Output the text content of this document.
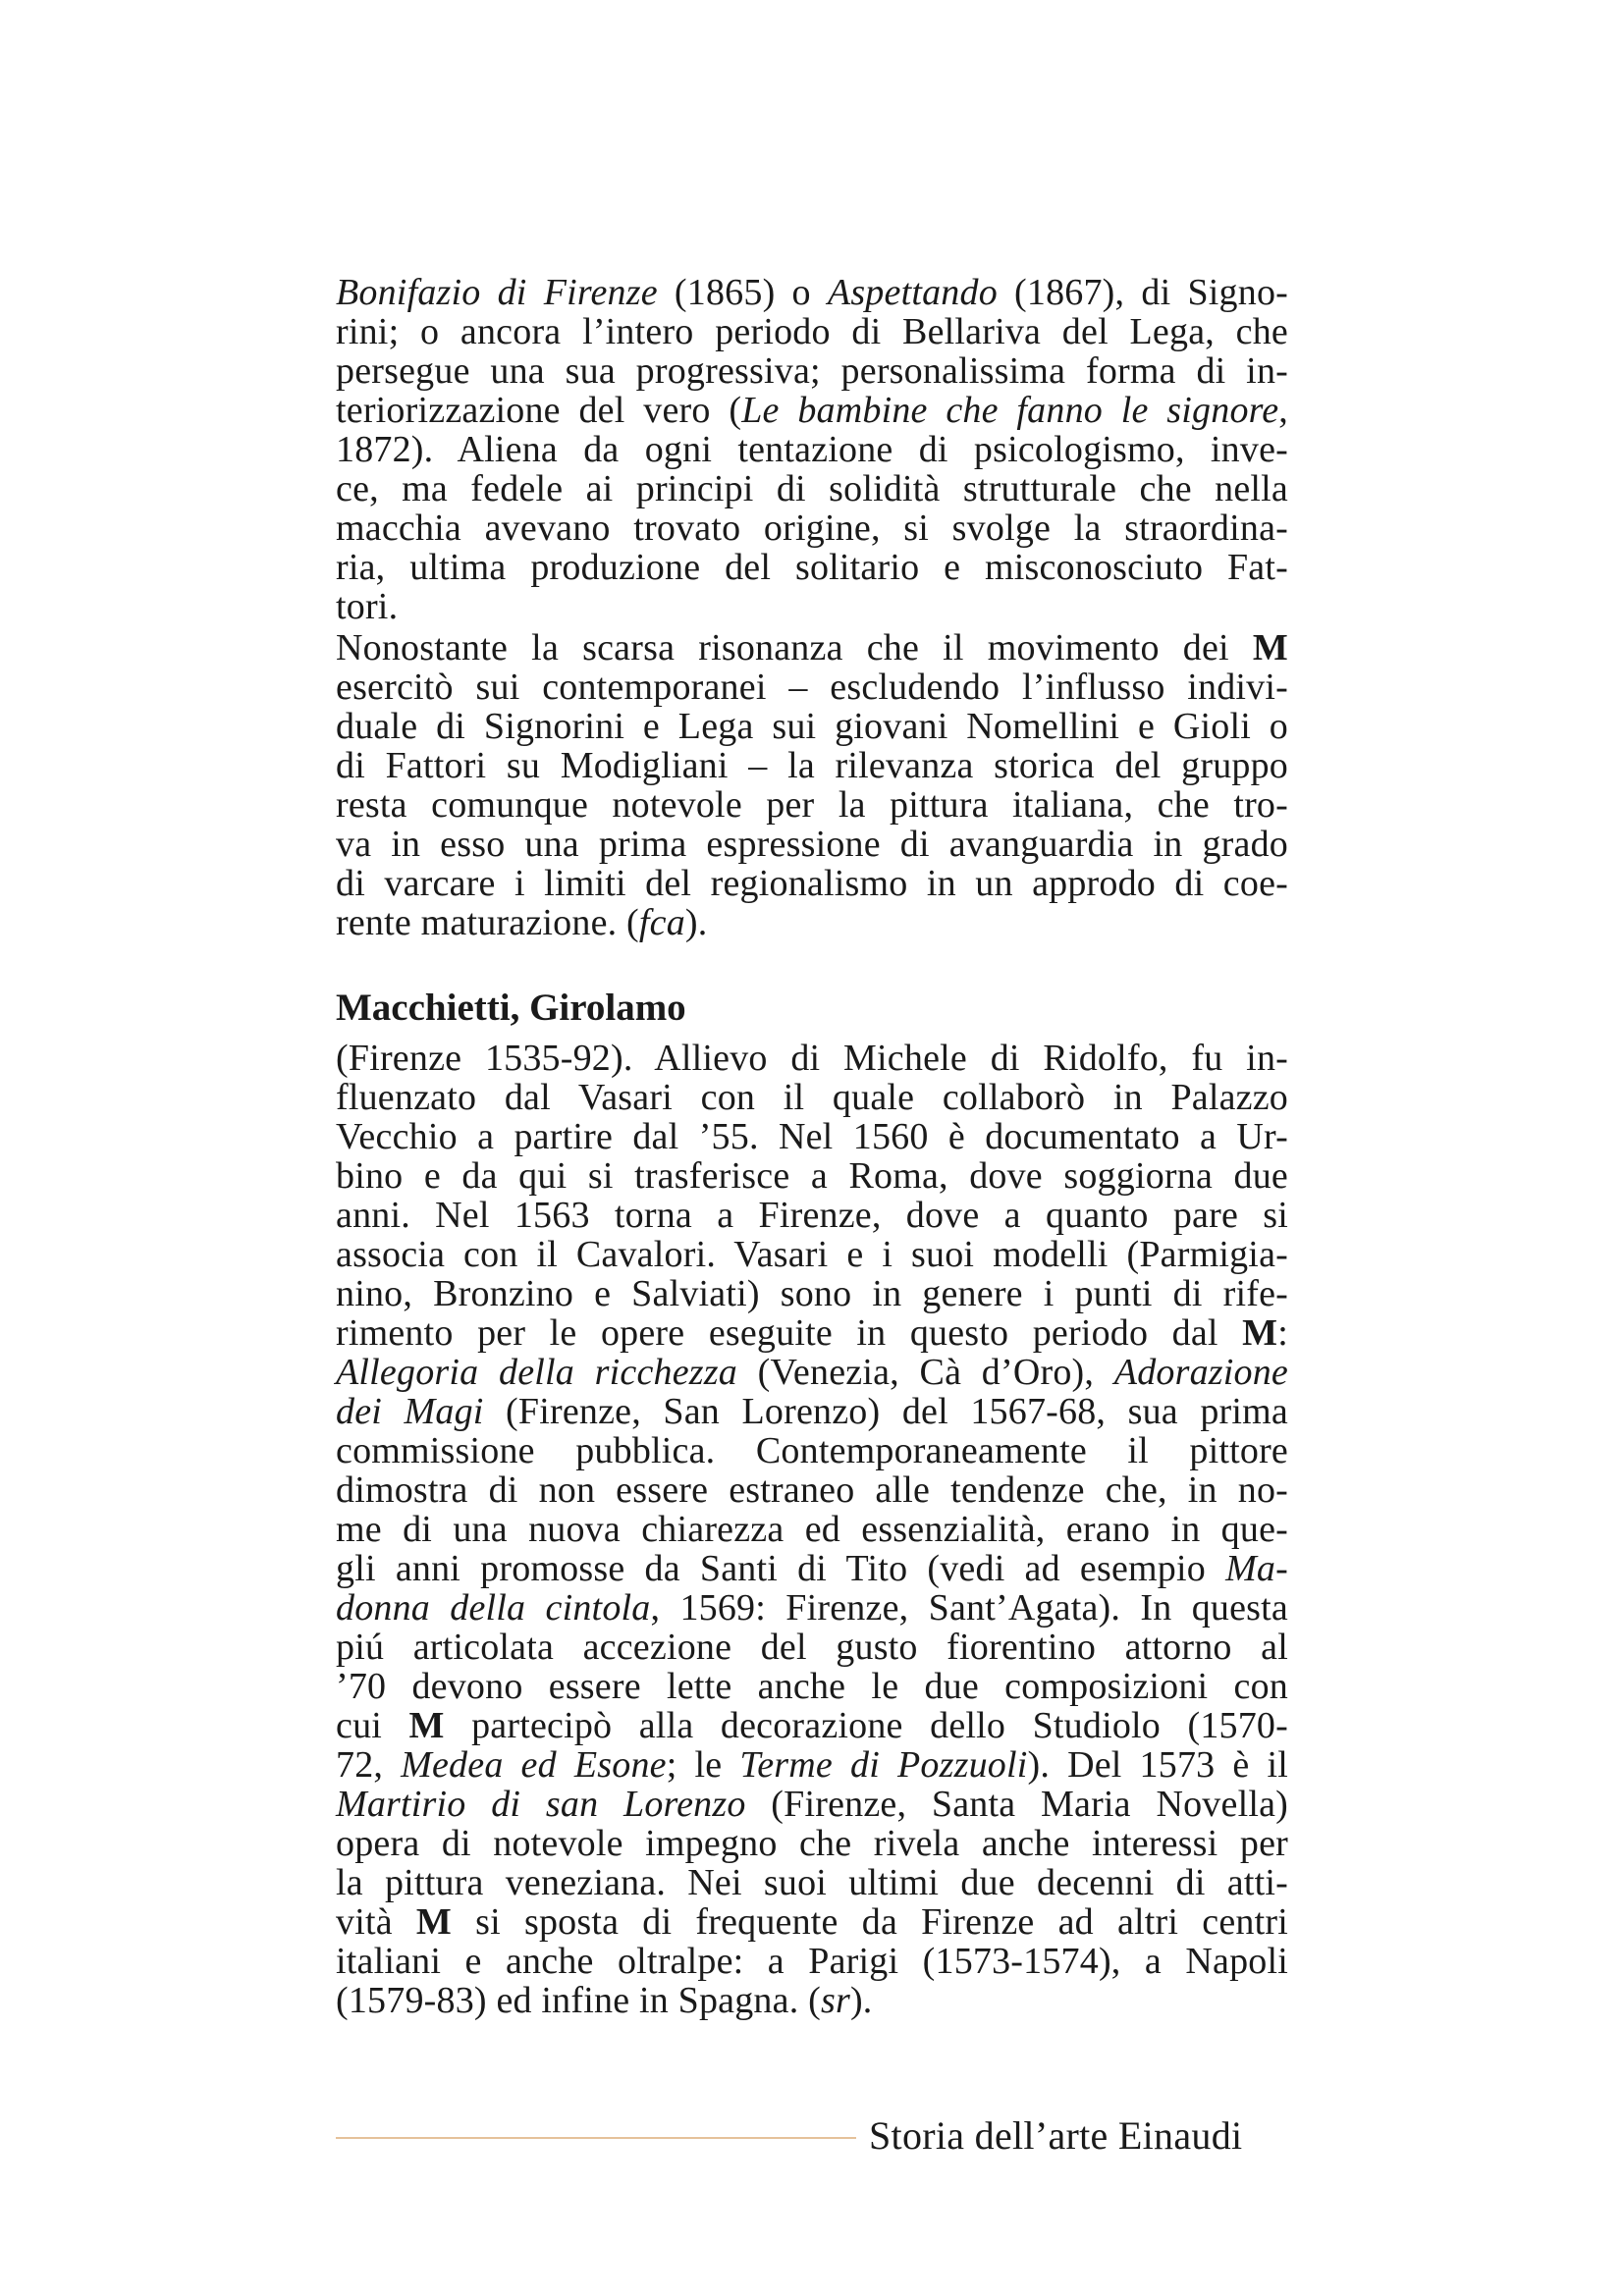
Bonifazio di Firenze (1865) o Aspettando (1867), di Signo-
rini; o ancora l’intero periodo di Bellariva del Lega, che
persegue una sua progressiva; personalissima forma di in-
teriorizzazione del vero (Le bambine che fanno le signore,
1872). Aliena da ogni tentazione di psicologismo, inve-
ce, ma fedele ai principi di solidità strutturale che nella
macchia avevano trovato origine, si svolge la straordina-
ria, ultima produzione del solitario e misconosciuto Fat-
tori.
Nonostante la scarsa risonanza che il movimento dei M
esercitò sui contemporanei – escludendo l’influsso indivi-
duale di Signorini e Lega sui giovani Nomellini e Gioli o
di Fattori su Modigliani – la rilevanza storica del gruppo
resta comunque notevole per la pittura italiana, che tro-
va in esso una prima espressione di avanguardia in grado
di varcare i limiti del regionalismo in un approdo di coe-
rente maturazione. (fca).
Macchietti, Girolamo
(Firenze 1535-92). Allievo di Michele di Ridolfo, fu in-
fluenzato dal Vasari con il quale collaborò in Palazzo
Vecchio a partire dal ’55. Nel 1560 è documentato a Ur-
bino e da qui si trasferisce a Roma, dove soggiorna due
anni. Nel 1563 torna a Firenze, dove a quanto pare si
associa con il Cavalori. Vasari e i suoi modelli (Parmigia-
nino, Bronzino e Salviati) sono in genere i punti di rife-
rimento per le opere eseguite in questo periodo dal M:
Allegoria della ricchezza (Venezia, Cà d’Oro), Adorazione
dei Magi (Firenze, San Lorenzo) del 1567-68, sua prima
commissione pubblica. Contemporaneamente il pittore
dimostra di non essere estraneo alle tendenze che, in no-
me di una nuova chiarezza ed essenzialità, erano in que-
gli anni promosse da Santi di Tito (vedi ad esempio Ma-
donna della cintola, 1569: Firenze, Sant’Agata). In questa
piú articolata accezione del gusto fiorentino attorno al
’70 devono essere lette anche le due composizioni con
cui M partecipò alla decorazione dello Studiolo (1570-
72, Medea ed Esone; le Terme di Pozzuoli). Del 1573 è il
Martirio di san Lorenzo (Firenze, Santa Maria Novella)
opera di notevole impegno che rivela anche interessi per
la pittura veneziana. Nei suoi ultimi due decenni di atti-
vità M si sposta di frequente da Firenze ad altri centri
italiani e anche oltralpe: a Parigi (1573-1574), a Napoli
(1579-83) ed infine in Spagna. (sr).
Storia dell’arte Einaudi
